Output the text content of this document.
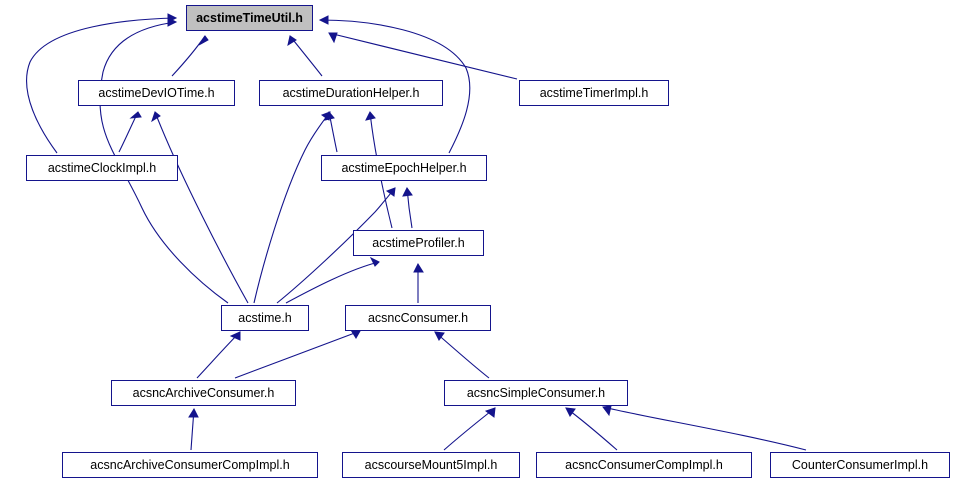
acstimeTimeUtil.h
acstimeDevIOTime.h	acstimeDurationHelper.h	acstimeTimerImpl.h
acstimeClockImpl.h	acstimeEpochHelper.h
acstimeProfiler.h
acstime.h	acsncConsumer.h
acsncArchiveConsumer.h	acsncSimpleConsumer.h
acsncArchiveConsumerCompImpl.h	acscourseMount5Impl.h	acsncConsumerCompImpl.h	CounterConsumerImpl.h
